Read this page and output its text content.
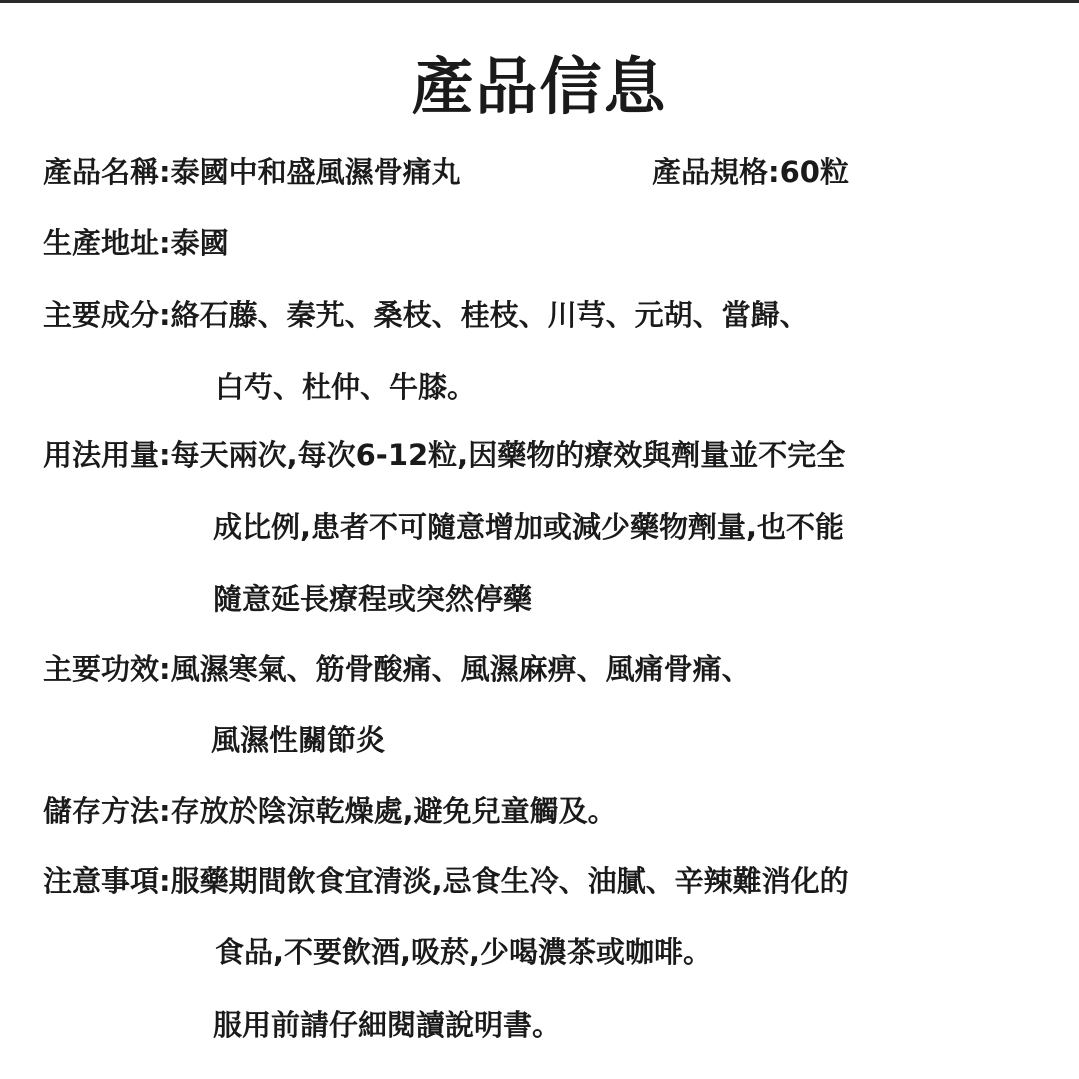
產品信息
產品名稱:泰國中和盛風濕骨痛丸	產品規格:60粒
生產地址:泰國
主要成分:絡石藤、秦艽、桑枝、桂枝、川芎、元胡、當歸、
白芍、杜仲、牛膝。
用法用量:每天兩次,每次6-12粒,因藥物的療效與劑量並不完全
成比例,患者不可隨意增加或減少藥物劑量,也不能
隨意延長療程或突然停藥
主要功效:風濕寒氣、筋骨酸痛、風濕麻痹、風痛骨痛、
風濕性關節炎
儲存方法:存放於陰涼乾燥處,避免兒童觸及。
注意事項:服藥期間飲食宜清淡,忌食生冷、油膩、辛辣難消化的
食品,不要飲酒,吸菸,少喝濃茶或咖啡。
服用前請仔細閱讀說明書。
